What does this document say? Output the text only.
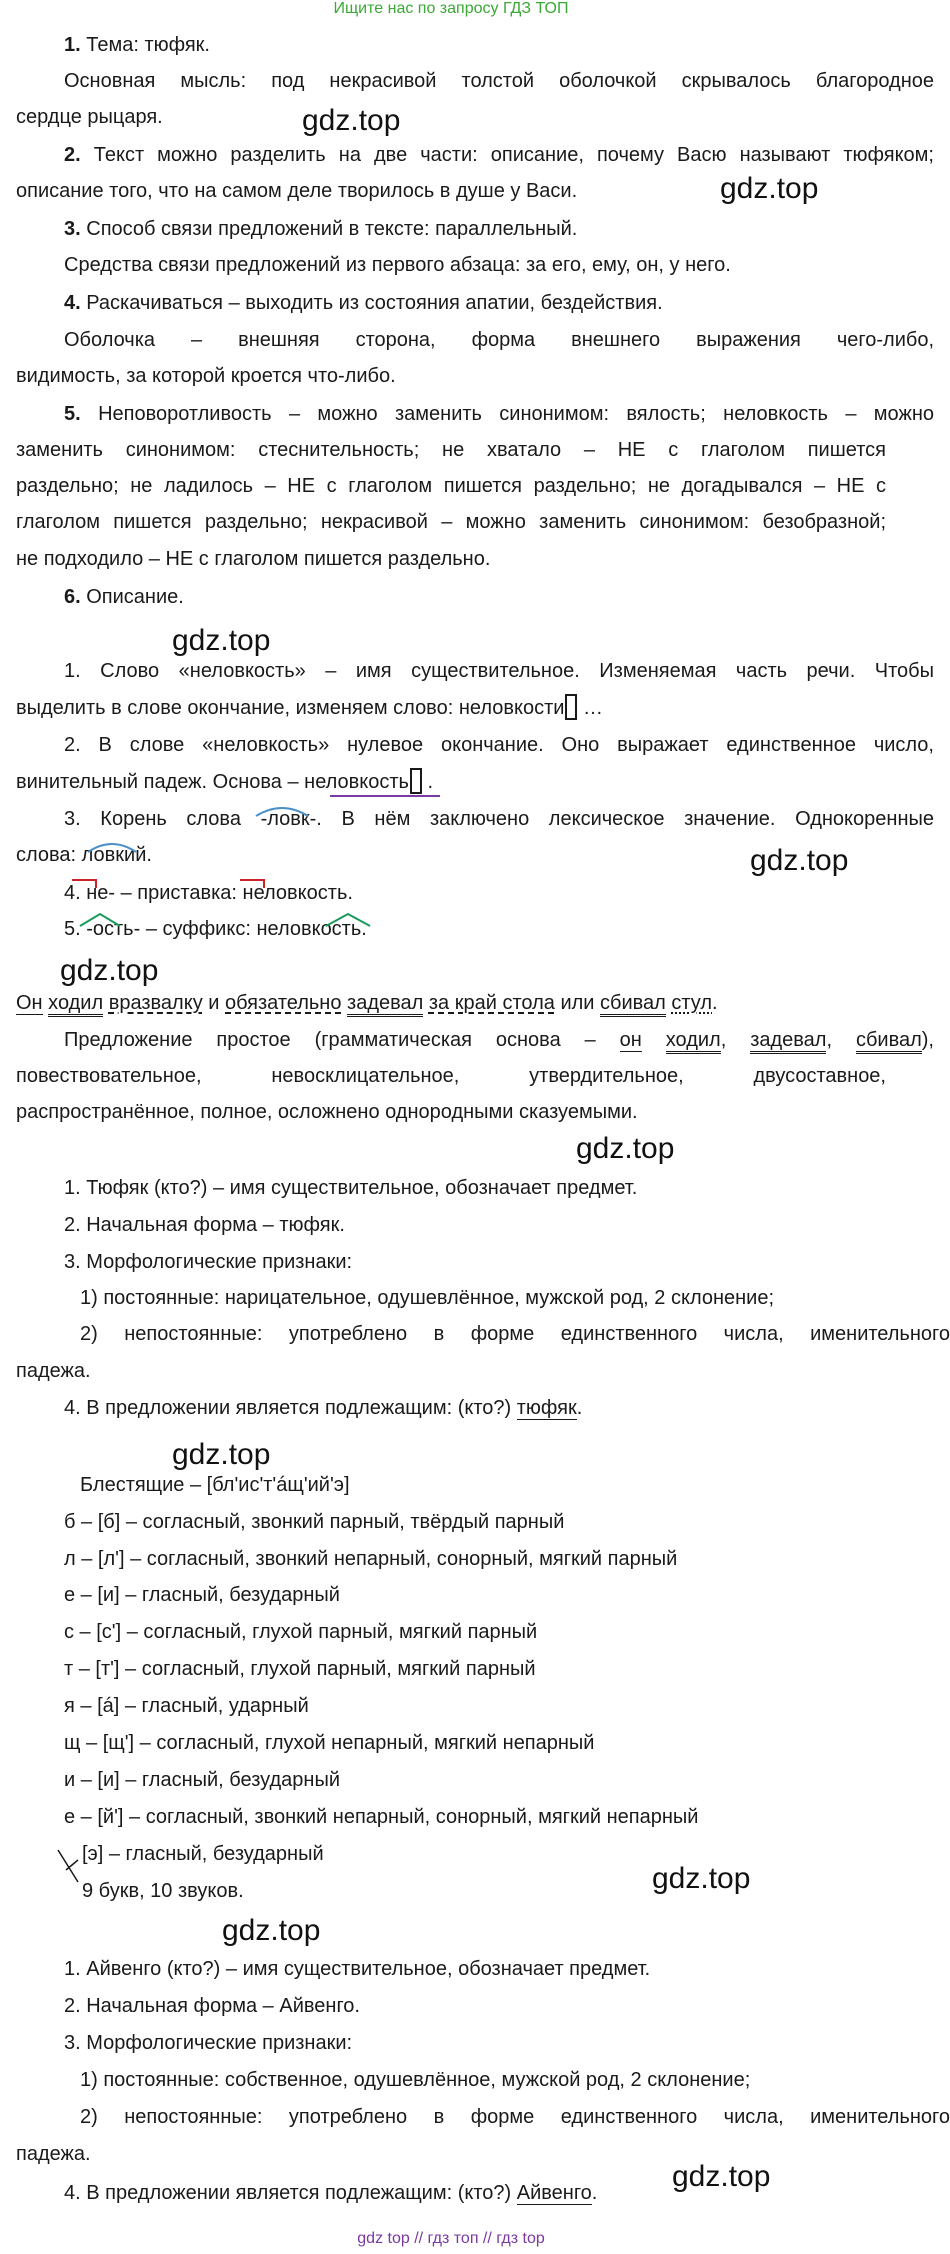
Ищите нас по запросу ГДЗ ТОП
gdz top // гдз топ // гдз top
gdz.top
gdz.top
gdz.top
gdz.top
gdz.top
gdz.top
gdz.top
gdz.top
gdz.top
gdz.top
1. Тема: тюфяк.
Основная мысль: под некрасивой толстой оболочкой скрывалось благородное
сердце рыцаря.
2. Текст можно разделить на две части: описание, почему Васю называют тюфяком;
описание того, что на самом деле творилось в душе у Васи.
3. Способ связи предложений в тексте: параллельный.
Средства связи предложений из первого абзаца: за его, ему, он, у него.
4. Раскачиваться – выходить из состояния апатии, бездействия.
Оболочка – внешняя сторона, форма внешнего выражения чего-либо,
видимость, за которой кроется что-либо.
5. Неповоротливость – можно заменить синонимом: вялость; неловкость – можно
заменить синонимом: стеснительность; не хватало – НЕ с глаголом пишется
раздельно; не ладилось – НЕ с глаголом пишется раздельно; не догадывался – НЕ с
глаголом пишется раздельно; некрасивой – можно заменить синонимом: безобразной;
не подходило – НЕ с глаголом пишется раздельно.
6. Описание.
1. Слово «неловкость» – имя существительное. Изменяемая часть речи. Чтобы
выделить в слове окончание, изменяем слово: неловкости …
2. В слове «неловкость» нулевое окончание. Оно выражает единственное число,
винительный падеж. Основа – неловкость .
3. Корень слова -ловк-. В нём заключено лексическое значение. Однокоренные
слова: ловкий.
4. не- – приставка: неловкость.
5. -ость- – суффикс: неловкость.
Он ходил вразвалку и обязательно задевал за край стола или сбивал стул.
Предложение простое (грамматическая основа – он ходил, задевал, сбивал),
повествовательное, невосклицательное, утвердительное, двусоставное,
распространённое, полное, осложнено однородными сказуемыми.
1. Тюфяк (кто?) – имя существительное, обозначает предмет.
2. Начальная форма – тюфяк.
3. Морфологические признаки:
1) постоянные: нарицательное, одушевлённое, мужской род, 2 склонение;
2) непостоянные: употреблено в форме единственного числа, именительного
падежа.
4. В предложении является подлежащим: (кто?) тюфяк.
Блестящие – [бл'ис'т'áщ'ий'э]
б – [б] – согласный, звонкий парный, твёрдый парный
л – [л'] – согласный, звонкий непарный, сонорный, мягкий парный
е – [и] – гласный, безударный
с – [с'] – согласный, глухой парный, мягкий парный
т – [т'] – согласный, глухой парный, мягкий парный
я – [á] – гласный, ударный
щ – [щ'] – согласный, глухой непарный, мягкий непарный
и – [и] – гласный, безударный
е – [й'] – согласный, звонкий непарный, сонорный, мягкий непарный
[э] – гласный, безударный
9 букв, 10 звуков.
1. Айвенго (кто?) – имя существительное, обозначает предмет.
2. Начальная форма – Айвенго.
3. Морфологические признаки:
1) постоянные: собственное, одушевлённое, мужской род, 2 склонение;
2) непостоянные: употреблено в форме единственного числа, именительного
падежа.
4. В предложении является подлежащим: (кто?) Айвенго.
